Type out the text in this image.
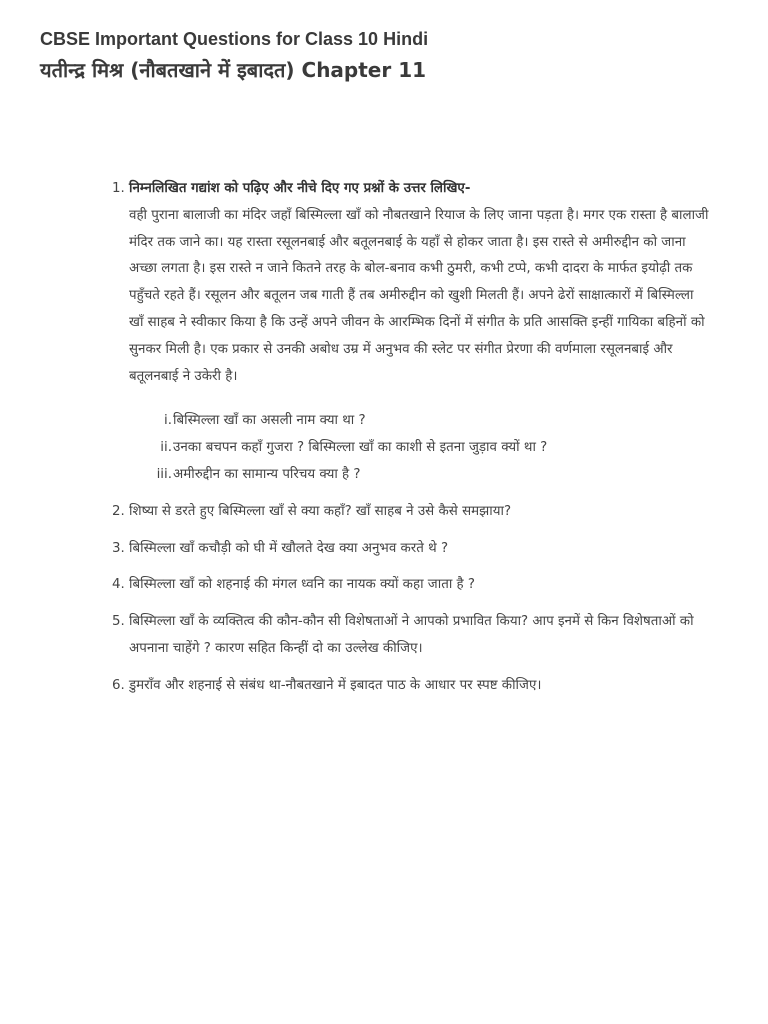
CBSE Important Questions for Class 10 Hindi
यतीन्द्र मिश्र (नौबतखाने में इबादत) Chapter 11
1. निम्नलिखित गद्यांश को पढ़िए और नीचे दिए गए प्रश्नों के उत्तर लिखिए-
वही पुराना बालाजी का मंदिर जहाँ बिस्मिल्ला खाँ को नौबतखाने रियाज के लिए जाना पड़ता है। मगर एक रास्ता है बालाजी मंदिर तक जाने का। यह रास्ता रसूलनबाई और बतूलनबाई के यहाँ से होकर जाता है। इस रास्ते से अमीरुद्दीन को जाना अच्छा लगता है। इस रास्ते न जाने कितने तरह के बोल-बनाव कभी ठुमरी, कभी टप्पे, कभी दादरा के मार्फत इयोढ़ी तक पहुँचते रहते हैं। रसूलन और बतूलन जब गाती हैं तब अमीरुद्दीन को खुशी मिलती हैं। अपने ढेरों साक्षात्कारों में बिस्मिल्ला खाँ साहब ने स्वीकार किया है कि उन्हें अपने जीवन के आरम्भिक दिनों में संगीत के प्रति आसक्ति इन्हीं गायिका बहिनों को सुनकर मिली है। एक प्रकार से उनकी अबोध उम्र में अनुभव की स्लेट पर संगीत प्रेरणा की वर्णमाला रसूलनबाई और बतूलनबाई ने उकेरी है।
i. बिस्मिल्ला खाँ का असली नाम क्या था ?
ii. उनका बचपन कहाँ गुजरा ? बिस्मिल्ला खाँ का काशी से इतना जुड़ाव क्यों था ?
iii. अमीरुद्दीन का सामान्य परिचय क्या है ?
2. शिष्या से डरते हुए बिस्मिल्ला खाँ से क्या कहाँ? खाँ साहब ने उसे कैसे समझाया?
3. बिस्मिल्ला खाँ कचौड़ी को घी में खौलते देख क्या अनुभव करते थे ?
4. बिस्मिल्ला खाँ को शहनाई की मंगल ध्वनि का नायक क्यों कहा जाता है ?
5. बिस्मिल्ला खाँ के व्यक्तित्व की कौन-कौन सी विशेषताओं ने आपको प्रभावित किया? आप इनमें से किन विशेषताओं को अपनाना चाहेंगे ? कारण सहित किन्हीं दो का उल्लेख कीजिए।
6. डुमराँव और शहनाई से संबंध था-नौबतखाने में इबादत पाठ के आधार पर स्पष्ट कीजिए।
